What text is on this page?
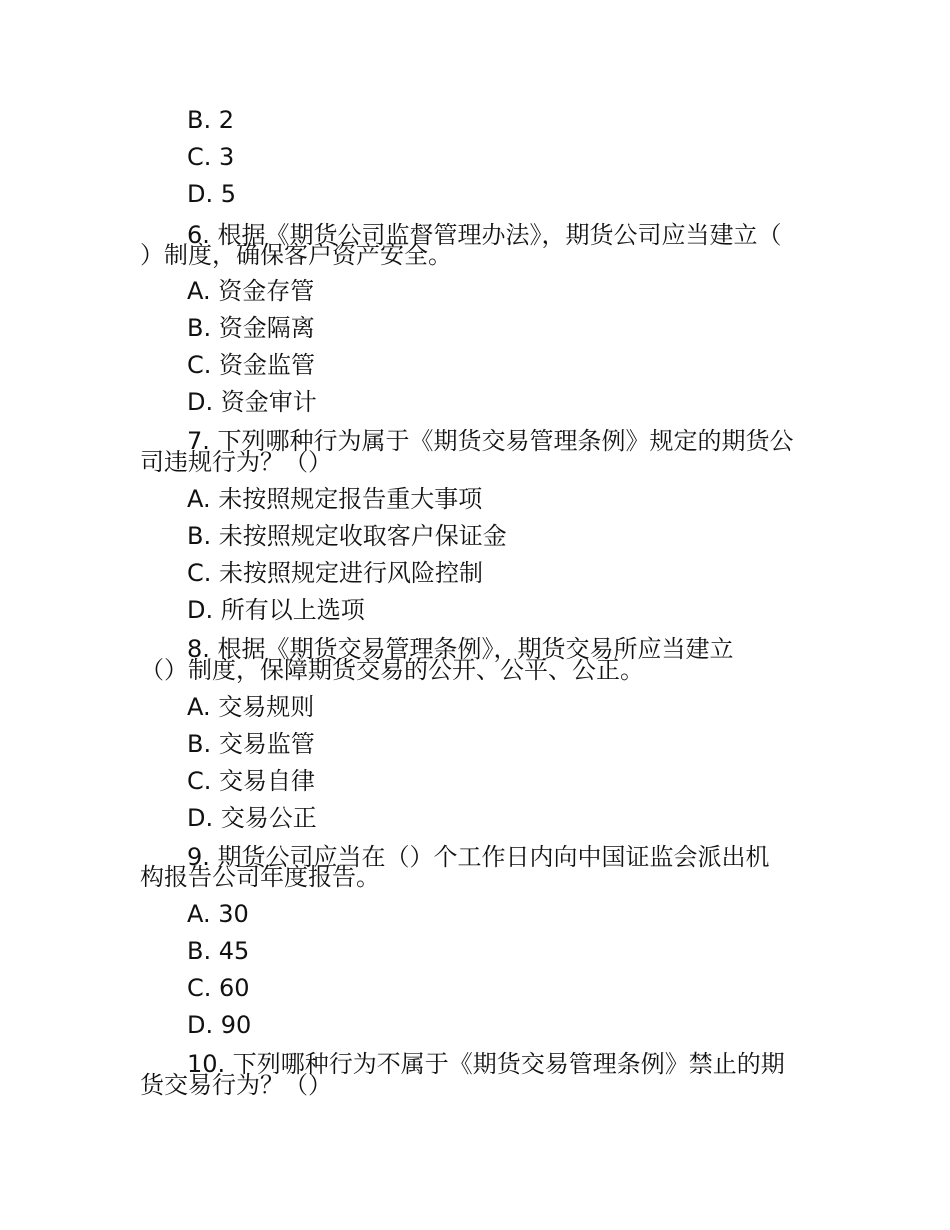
B. 2
C. 3
D. 5
6. 根据《期货公司监督管理办法》，期货公司应当建立（
）制度，确保客户资产安全。
A. 资金存管
B. 资金隔离
C. 资金监管
D. 资金审计
7. 下列哪种行为属于《期货交易管理条例》规定的期货公
司违规行为？（）
A. 未按照规定报告重大事项
B. 未按照规定收取客户保证金
C. 未按照规定进行风险控制
D. 所有以上选项
8. 根据《期货交易管理条例》，期货交易所应当建立
（）制度，保障期货交易的公开、公平、公正。
A. 交易规则
B. 交易监管
C. 交易自律
D. 交易公正
9. 期货公司应当在（）个工作日内向中国证监会派出机
构报告公司年度报告。
A. 30
B. 45
C. 60
D. 90
10. 下列哪种行为不属于《期货交易管理条例》禁止的期
货交易行为？（）
